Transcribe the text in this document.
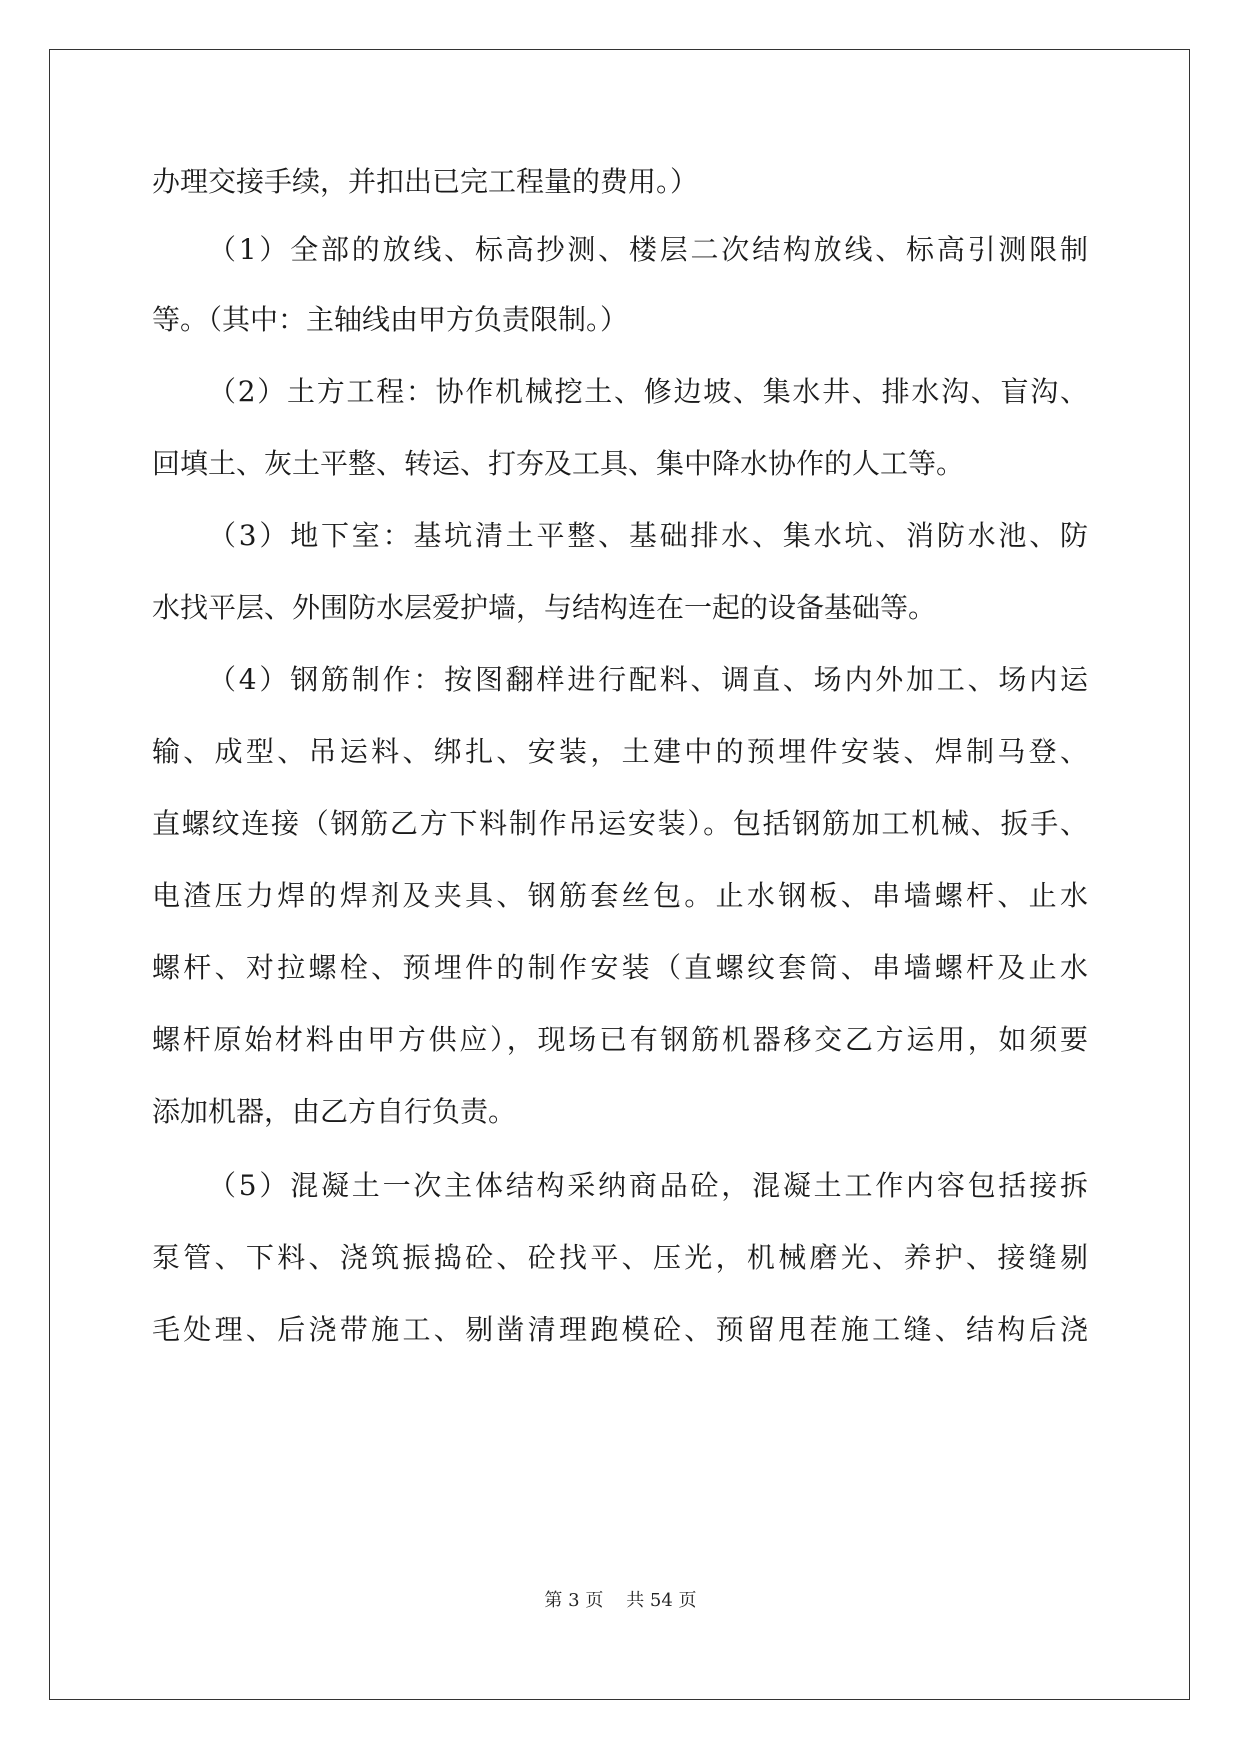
办理交接手续，并扣出已完工程量的费用。）
（1）全部的放线、标高抄测、楼层二次结构放线、标高引测限制
等。（其中：主轴线由甲方负责限制。）
（2）土方工程：协作机械挖土、修边坡、集水井、排水沟、盲沟、
回填土、灰土平整、转运、打夯及工具、集中降水协作的人工等。
（3）地下室：基坑清土平整、基础排水、集水坑、消防水池、防
水找平层、外围防水层爱护墙，与结构连在一起的设备基础等。
（4）钢筋制作：按图翻样进行配料、调直、场内外加工、场内运
输、成型、吊运料、绑扎、安装，土建中的预埋件安装、焊制马登、
直螺纹连接（钢筋乙方下料制作吊运安装）。包括钢筋加工机械、扳手、
电渣压力焊的焊剂及夹具、钢筋套丝包。止水钢板、串墙螺杆、止水
螺杆、对拉螺栓、预埋件的制作安装（直螺纹套筒、串墙螺杆及止水
螺杆原始材料由甲方供应），现场已有钢筋机器移交乙方运用，如须要
添加机器，由乙方自行负责。
（5）混凝土一次主体结构采纳商品砼，混凝土工作内容包括接拆
泵管、下料、浇筑振捣砼、砼找平、压光，机械磨光、养护、接缝剔
毛处理、后浇带施工、剔凿清理跑模砼、预留甩茬施工缝、结构后浇
第 3 页    共 54 页
